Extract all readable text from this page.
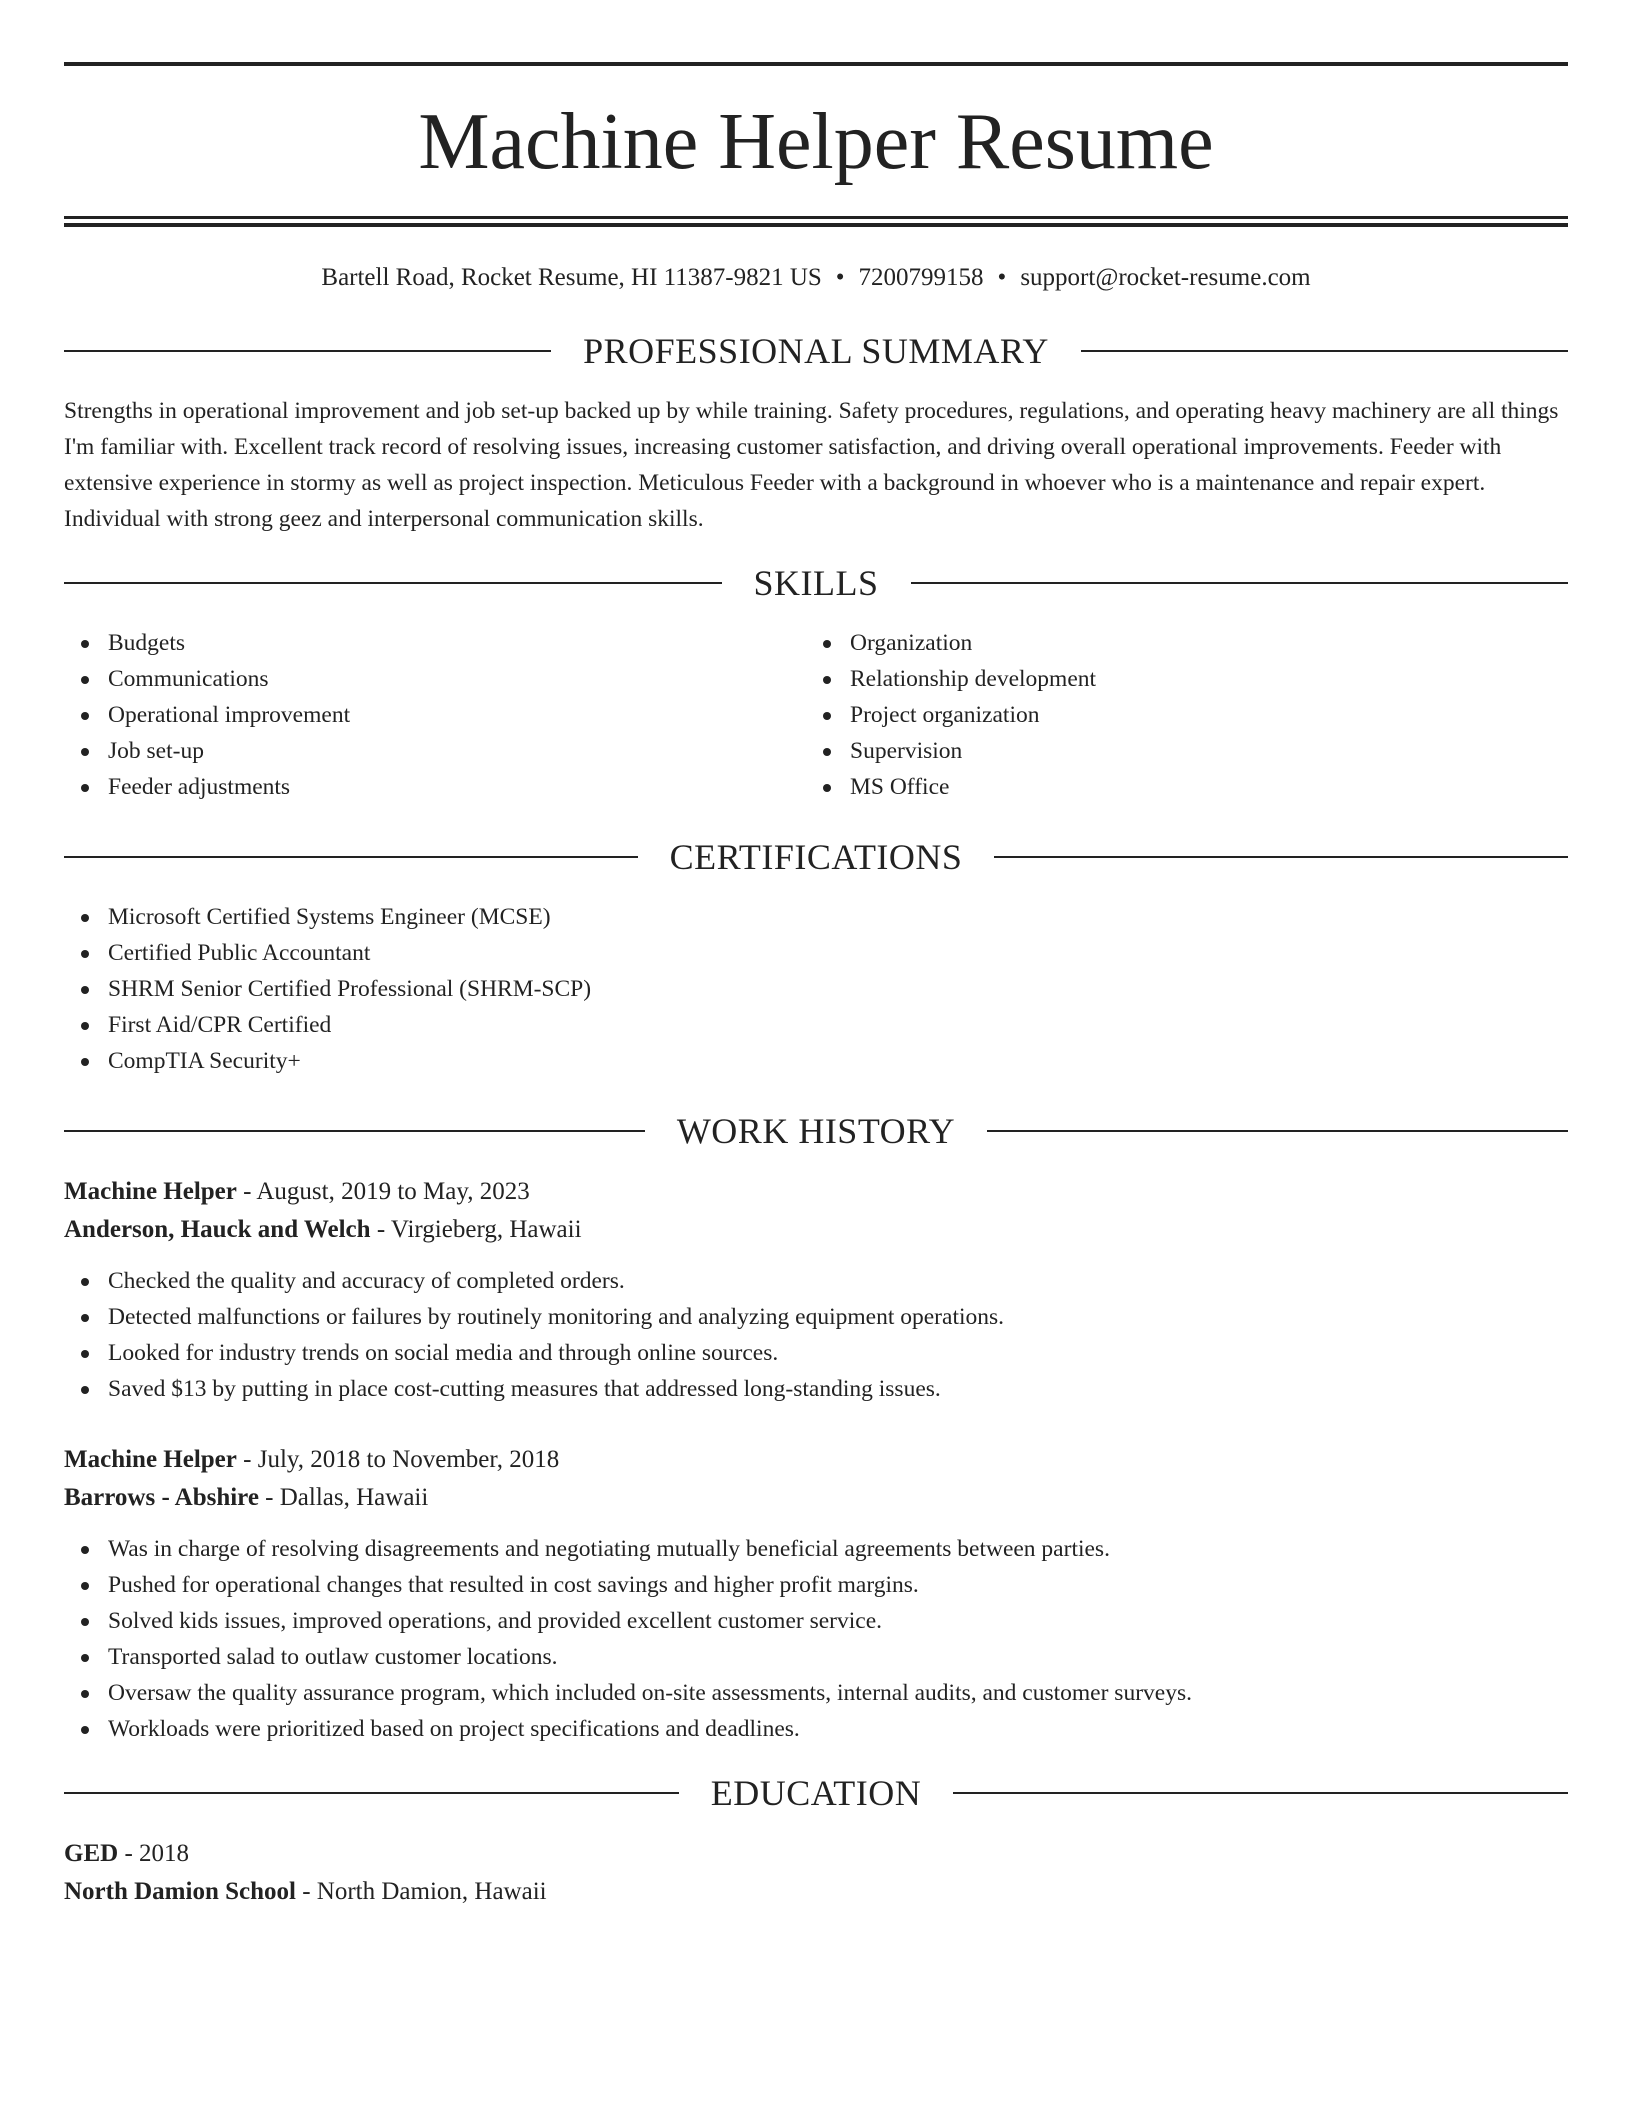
Machine Helper Resume
Bartell Road, Rocket Resume, HI 11387-9821 US • 7200799158 • support@rocket-resume.com
PROFESSIONAL SUMMARY

Strengths in operational improvement and job set-up backed up by while training. Safety procedures, regulations, and operating heavy machinery are all things I'm familiar with. Excellent track record of resolving issues, increasing customer satisfaction, and driving overall operational improvements. Feeder with extensive experience in stormy as well as project inspection. Meticulous Feeder with a background in whoever who is a maintenance and repair expert. Individual with strong geez and interpersonal communication skills.

SKILLS
Budgets
Communications
Operational improvement
Job set-up
Feeder adjustments
Organization
Relationship development
Project organization
Supervision
MS Office
CERTIFICATIONS
Microsoft Certified Systems Engineer (MCSE)
Certified Public Accountant
SHRM Senior Certified Professional (SHRM-SCP)
First Aid/CPR Certified
CompTIA Security+
WORK HISTORY
Machine Helper - August, 2019 to May, 2023
Anderson, Hauck and Welch - Virgieberg, Hawaii
Checked the quality and accuracy of completed orders.
Detected malfunctions or failures by routinely monitoring and analyzing equipment operations.
Looked for industry trends on social media and through online sources.
Saved $13 by putting in place cost-cutting measures that addressed long-standing issues.
Machine Helper - July, 2018 to November, 2018
Barrows - Abshire - Dallas, Hawaii
Was in charge of resolving disagreements and negotiating mutually beneficial agreements between parties.
Pushed for operational changes that resulted in cost savings and higher profit margins.
Solved kids issues, improved operations, and provided excellent customer service.
Transported salad to outlaw customer locations.
Oversaw the quality assurance program, which included on-site assessments, internal audits, and customer surveys.
Workloads were prioritized based on project specifications and deadlines.
EDUCATION
GED - 2018
North Damion School - North Damion, Hawaii
